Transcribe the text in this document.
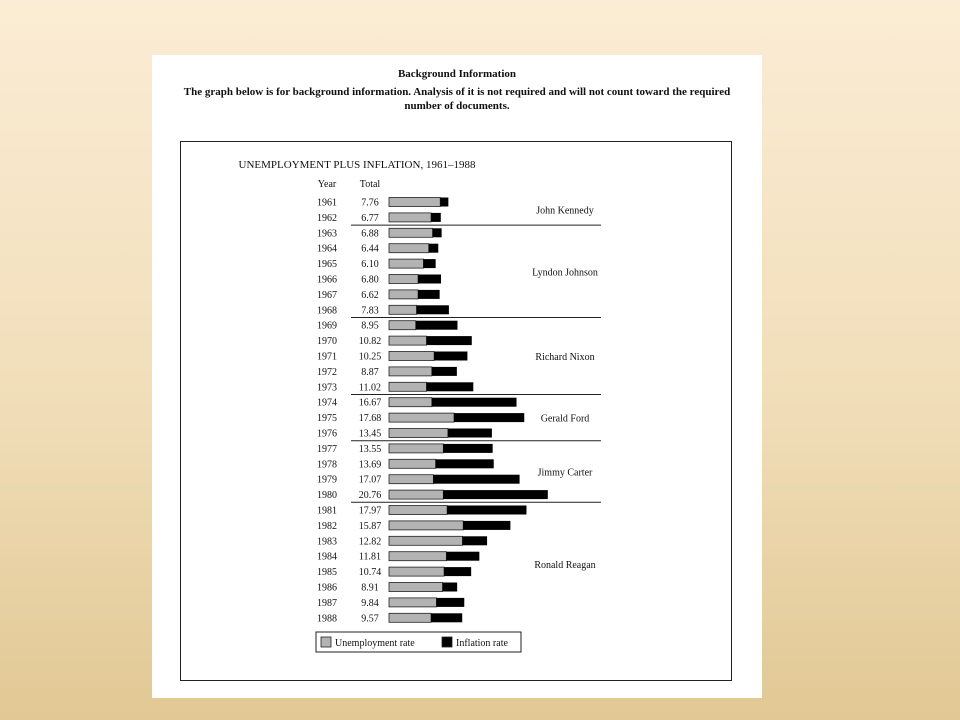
Background Information
The graph below is for background information. Analysis of it is not required and will not count toward the required number of documents.
UNEMPLOYMENT PLUS INFLATION, 1961–1988
Year Total
1961 7.76
1962 6.77
1963 6.88
1964 6.44
1965 6.10
1966 6.80
1967 6.62
1968 7.83
1969 8.95
1970 10.82
1971 10.25
1972 8.87
1973 11.02
1974 16.67
1975 17.68
1976 13.45
1977 13.55
1978 13.69
1979 17.07
1980 20.76
1981 17.97
1982 15.87
1983 12.82
1984 11.81
1985 10.74
1986 8.91
1987 9.84
1988 9.57
John Kennedy
Lyndon Johnson
Richard Nixon
Gerald Ford
Jimmy Carter
Ronald Reagan
Unemployment rate	Inflation rate
